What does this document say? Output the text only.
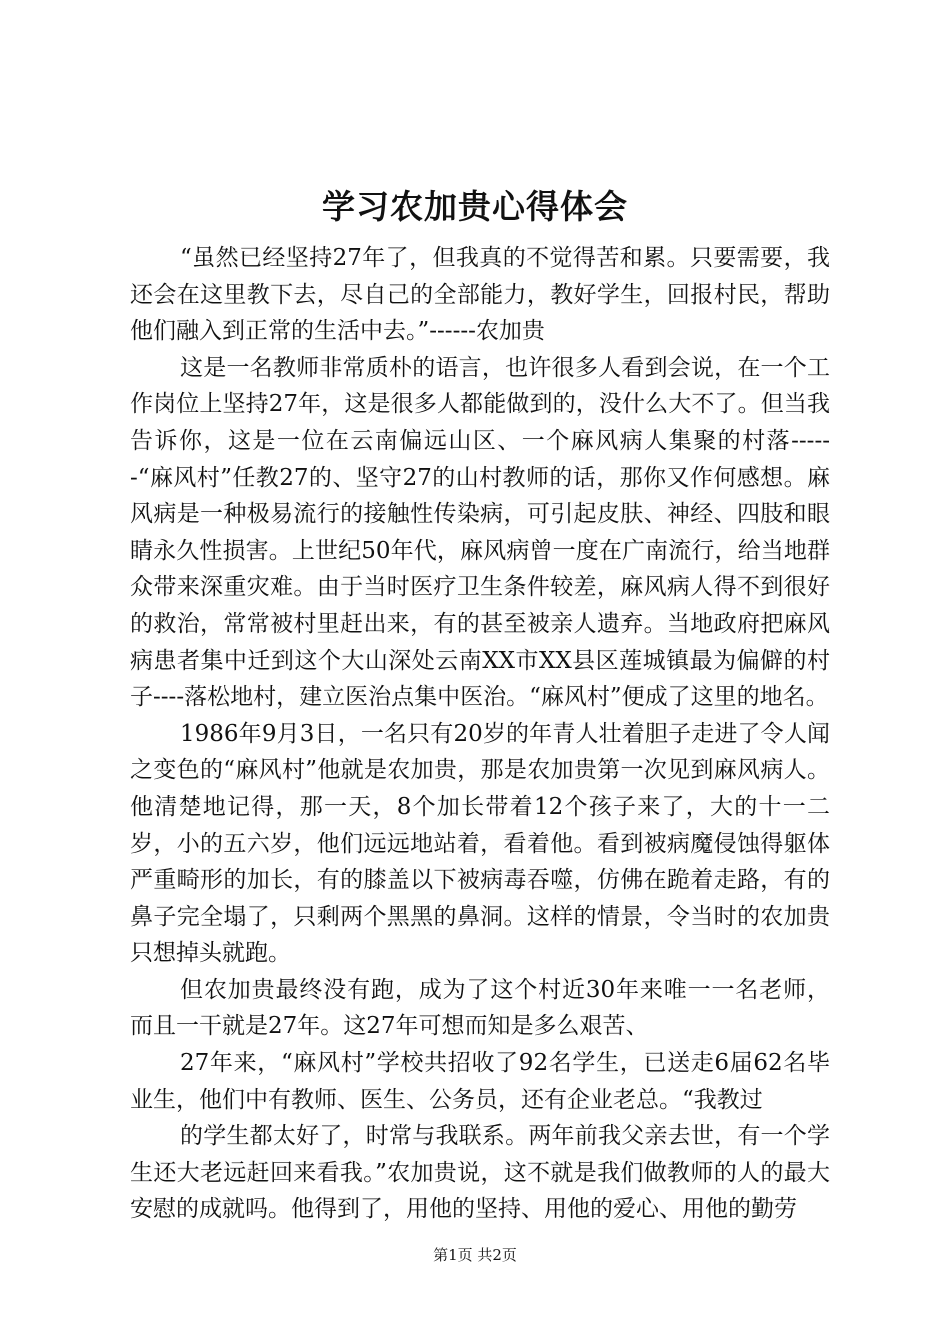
学习农加贵心得体会

“虽然已经坚持27年了，但我真的不觉得苦和累。只要需要，我还会在这里教下去，尽自己的全部能力，教好学生，回报村民，帮助他们融入到正常的生活中去。”------农加贵

这是一名教师非常质朴的语言，也许很多人看到会说，在一个工作岗位上坚持27年，这是很多人都能做到的，没什么大不了。但当我告诉你，这是一位在云南偏远山区、一个麻风病人集聚的村落------“麻风村”任教27的、坚守27的山村教师的话，那你又作何感想。麻风病是一种极易流行的接触性传染病，可引起皮肤、神经、四肢和眼睛永久性损害。上世纪50年代，麻风病曾一度在广南流行，给当地群众带来深重灾难。由于当时医疗卫生条件较差，麻风病人得不到很好的救治，常常被村里赶出来，有的甚至被亲人遗弃。当地政府把麻风病患者集中迁到这个大山深处云南XX市XX县区莲城镇最为偏僻的村子----落松地村，建立医治点集中医治。“麻风村”便成了这里的地名。

1986年9月3日，一名只有20岁的年青人壮着胆子走进了令人闻之变色的“麻风村”他就是农加贵，那是农加贵第一次见到麻风病人。他清楚地记得，那一天，8个加长带着12个孩子来了，大的十一二岁，小的五六岁，他们远远地站着，看着他。看到被病魔侵蚀得躯体严重畸形的加长，有的膝盖以下被病毒吞噬，仿佛在跪着走路，有的鼻子完全塌了，只剩两个黑黑的鼻洞。这样的情景，令当时的农加贵只想掉头就跑。

但农加贵最终没有跑，成为了这个村近30年来唯一一名老师，而且一干就是27年。这27年可想而知是多么艰苦、

27年来，“麻风村”学校共招收了92名学生，已送走6届62名毕业生，他们中有教师、医生、公务员，还有企业老总。“我教过

的学生都太好了，时常与我联系。两年前我父亲去世，有一个学生还大老远赶回来看我。”农加贵说，这不就是我们做教师的人的最大安慰的成就吗。他得到了，用他的坚持、用他的爱心、用他的勤劳

第1页 共2页
